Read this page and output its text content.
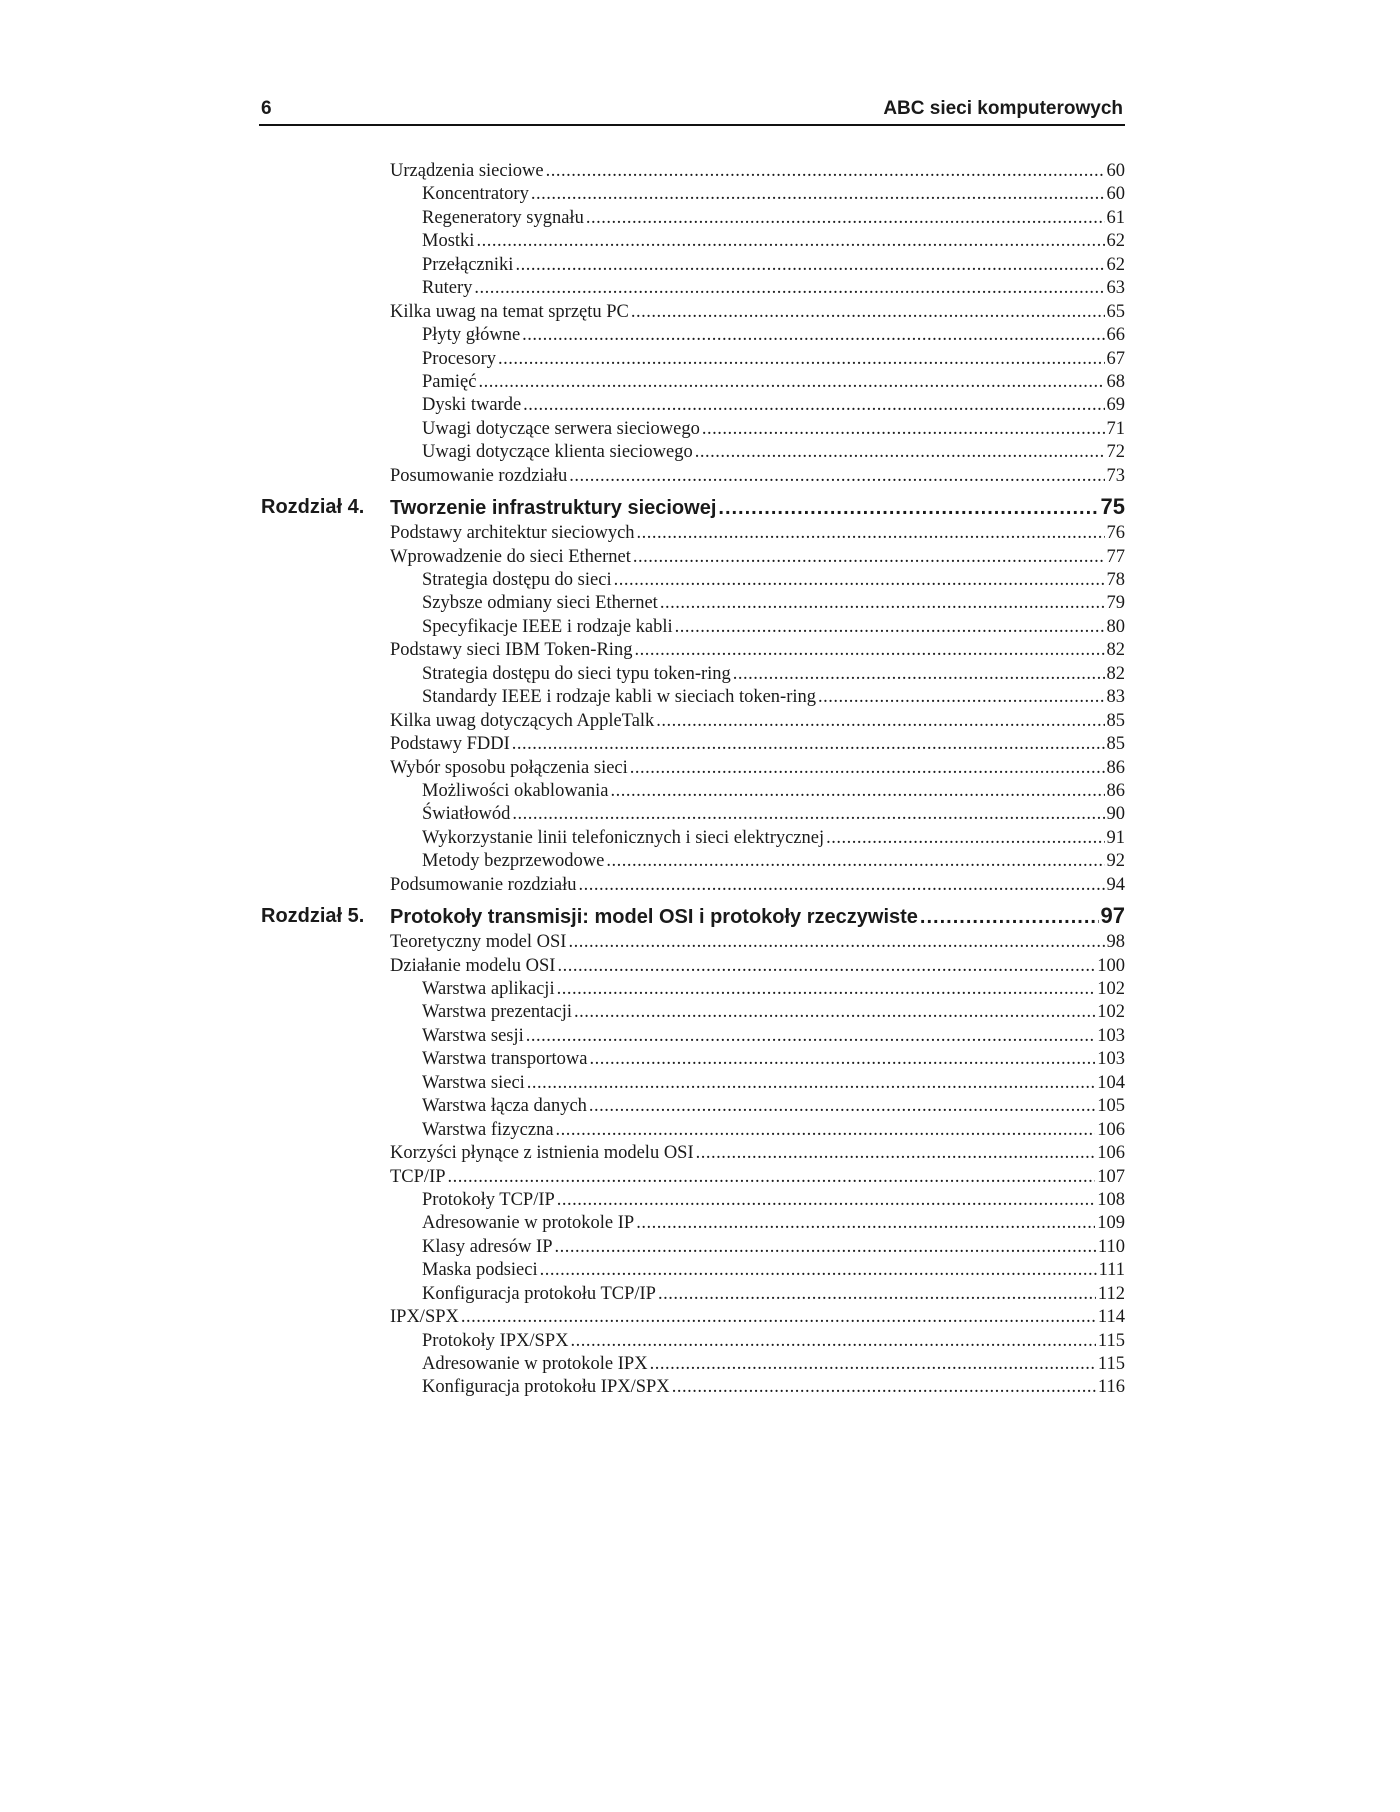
6	ABC sieci komputerowych
Urządzenia sieciowe .....	60
Koncentratory .....	60
Regeneratory sygnału .....	61
Mostki .....	62
Przełączniki .....	62
Rutery .....	63
Kilka uwag na temat sprzętu PC .....	65
Płyty główne .....	66
Procesory .....	67
Pamięć .....	68
Dyski twarde .....	69
Uwagi dotyczące serwera sieciowego .....	71
Uwagi dotyczące klienta sieciowego .....	72
Posumowanie rozdziału .....	73
Rozdział 4. Tworzenie infrastruktury sieciowej .....	75
Podstawy architektur sieciowych .....	76
Wprowadzenie do sieci Ethernet .....	77
Strategia dostępu do sieci .....	78
Szybsze odmiany sieci Ethernet .....	79
Specyfikacje IEEE i rodzaje kabli .....	80
Podstawy sieci IBM Token-Ring .....	82
Strategia dostępu do sieci typu token-ring .....	82
Standardy IEEE i rodzaje kabli w sieciach token-ring .....	83
Kilka uwag dotyczących AppleTalk .....	85
Podstawy FDDI .....	85
Wybór sposobu połączenia sieci .....	86
Możliwości okablowania .....	86
Światłowód .....	90
Wykorzystanie linii telefonicznych i sieci elektrycznej .....	91
Metody bezprzewodowe .....	92
Podsumowanie rozdziału .....	94
Rozdział 5. Protokoły transmisji: model OSI i protokoły rzeczywiste .....	97
Teoretyczny model OSI .....	98
Działanie modelu OSI .....	100
Warstwa aplikacji .....	102
Warstwa prezentacji .....	102
Warstwa sesji .....	103
Warstwa transportowa .....	103
Warstwa sieci .....	104
Warstwa łącza danych .....	105
Warstwa fizyczna .....	106
Korzyści płynące z istnienia modelu OSI .....	106
TCP/IP .....	107
Protokoły TCP/IP .....	108
Adresowanie w protokole IP .....	109
Klasy adresów IP .....	110
Maska podsieci .....	111
Konfiguracja protokołu TCP/IP .....	112
IPX/SPX .....	114
Protokoły IPX/SPX .....	115
Adresowanie w protokole IPX .....	115
Konfiguracja protokołu IPX/SPX .....	116
